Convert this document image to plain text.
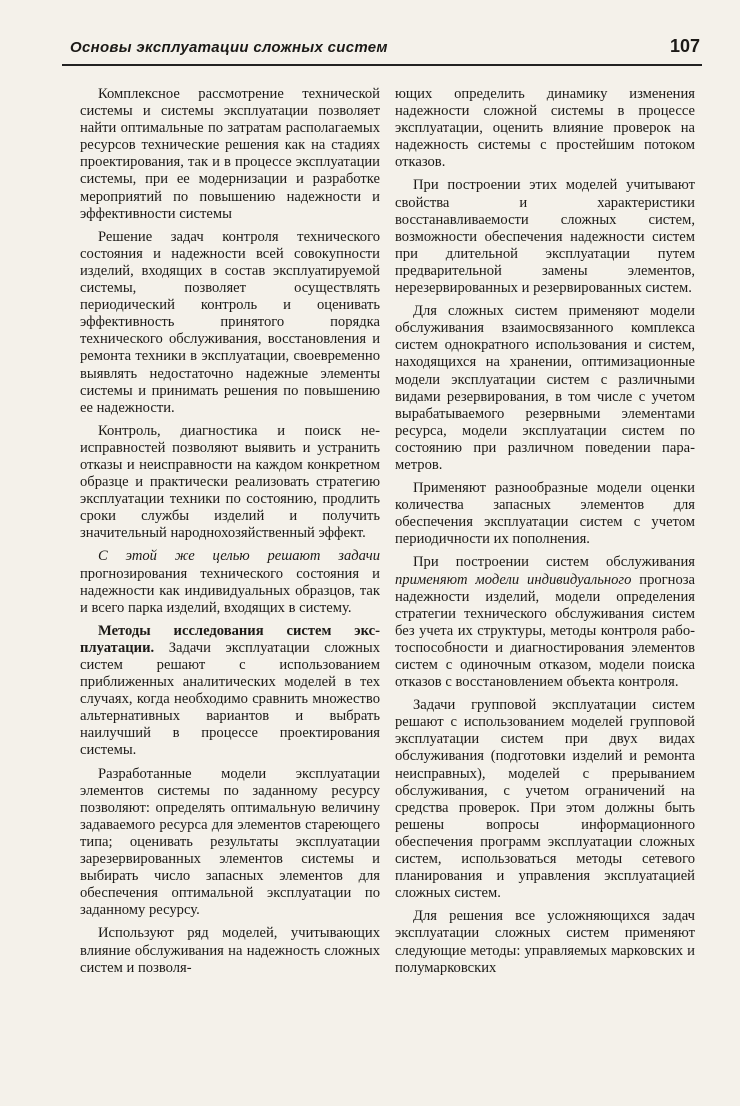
Основы эксплуатации сложных систем	107

Комплексное рассмотрение технической системы и системы эксплуатации позволяет найти оптимальные по затратам располагаемых ресурсов технические решения как на стадиях проектирования, так и в процессе эксплуатации системы, при ее модернизации и разработке мероприятий по повышению надежности и эффективности системы

Решение задач контроля технического состояния и надежности всей совокупности изделий, входящих в состав эксплуатируемой системы, позволяет осуществлять периодический контроль и оценивать эффективность принятого порядка технического обслуживания, восстановления и ремонта техники в эксплуатации, своевременно выявлять недостаточно надежные элементы системы и принимать решения по повышению ее надежности.

Контроль, диагностика и поиск неисправностей позволяют выявить и устранить отказы и неисправности на каждом конкретном образце и практически реализовать стратегию эксплуатации техники по состоянию, продлить сроки службы изделий и получить значительный народнохозяйственный эффект.

С этой же целью решают задачи прогнозирования технического состояния и надежности как индивидуальных образцов, так и всего парка изделий, входящих в систему.

Методы исследования систем эксплуатации. Задачи эксплуатации сложных систем решают с использованием приближенных аналитических моделей в тех случаях, когда необходимо сравнить множество альтернативных вариантов и выбрать наилучший в процессе проектирования системы.

Разработанные модели эксплуатации элементов системы по заданному ресурсу позволяют: определять оптимальную величину задаваемого ресурса для элементов стареющего типа; оценивать результаты эксплуатации зарезервированных элементов системы и выбирать число запасных элементов для обеспечения оптимальной эксплуатации по заданному ресурсу.

Используют ряд моделей, учитывающих влияние обслуживания на надежность сложных систем и позволя-

ющих определить динамику изменения надежности сложной системы в процессе эксплуатации, оценить влияние проверок на надежность системы с простейшим потоком отказов.

При построении этих моделей учитывают свойства и характеристики восстанавливаемости сложных систем, возможности обеспечения надежности систем при длительной эксплуатации путем предварительной замены элементов, нерезервированных и резервированных систем.

Для сложных систем применяют модели обслуживания взаимосвязанного комплекса систем однократного использования и систем, находящихся на хранении, оптимизационные модели эксплуатации систем с различными видами резервирования, в том числе с учетом вырабатываемого резервными элементами ресурса, модели эксплуатации систем по состоянию при различном поведении параметров.

Применяют разнообразные модели оценки количества запасных элементов для обеспечения эксплуатации систем с учетом периодичности их пополнения.

При построении систем обслуживания применяют модели индивидуального прогноза надежности изделий, модели определения стратегии технического обслуживания систем без учета их структуры, методы контроля работоспособности и диагностирования элементов систем с одиночным отказом, модели поиска отказов с восстановлением объекта контроля.

Задачи групповой эксплуатации систем решают с использованием моделей групповой эксплуатации систем при двух видах обслуживания (подготовки изделий и ремонта неисправных), моделей с прерыванием обслуживания, с учетом ограничений на средства проверок. При этом должны быть решены вопросы информационного обеспечения программ эксплуатации сложных систем, использоваться методы сетевого планирования и управления эксплуатацией сложных систем.

Для решения все усложняющихся задач эксплуатации сложных систем применяют следующие методы: управляемых марковских и полумарковских
